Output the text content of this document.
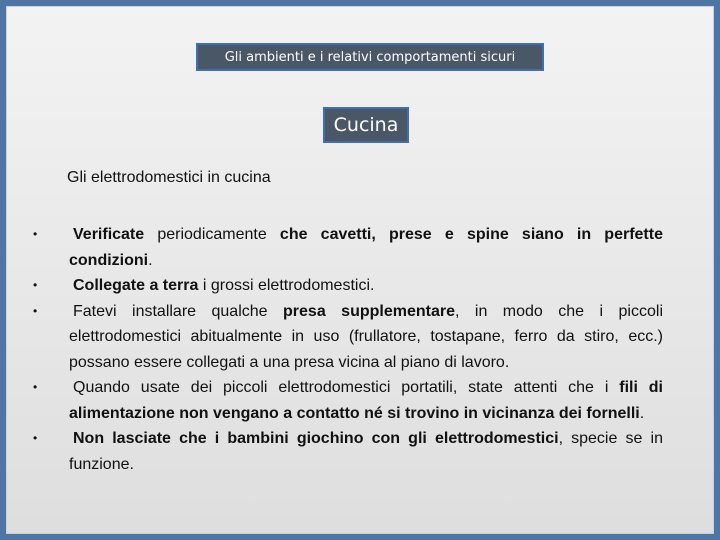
Gli ambienti e i relativi comportamenti sicuri
Cucina
Gli elettrodomestici in cucina
• Verificate periodicamente che cavetti, prese e spine siano in perfette condizioni.
• Collegate a terra i grossi elettrodomestici.
• Fatevi installare qualche presa supplementare, in modo che i piccoli elettrodomestici abitualmente in uso (frullatore, tostapane, ferro da stiro, ecc.) possano essere collegati a una presa vicina al piano di lavoro.
• Quando usate dei piccoli elettrodomestici portatili, state attenti che i fili di alimentazione non vengano a contatto né si trovino in vicinanza dei fornelli.
• Non lasciate che i bambini giochino con gli elettrodomestici, specie se in funzione.
